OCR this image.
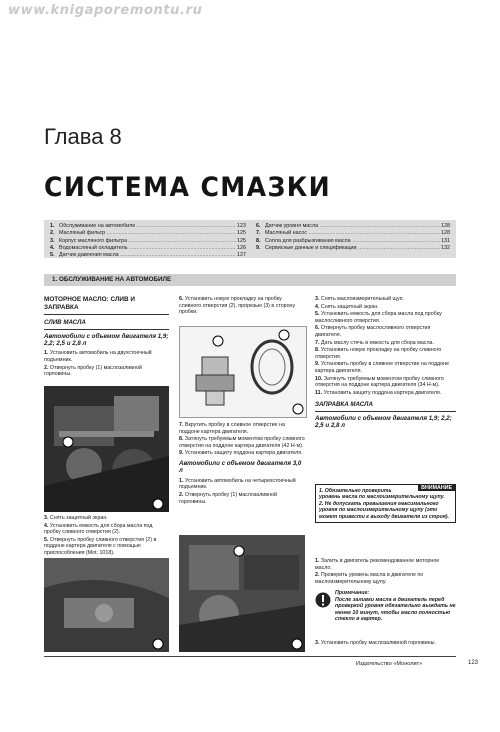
www.knigaporemontu.ru
Глава 8
СИСТЕМА СМАЗКИ
1. Обслуживание на автомобиле .....	123
2. Масляный фильтр .....	125
3. Корпус масляного фильтра .....	125
4. Водомасляный охладитель .....	126
5. Датчик давления масла .....	127
6. Датчик уровня масла .....	128
7. Масляный насос .....	128
8. Сопла для разбрызгивания масла .....	131
9. Сервисные данные и спецификации .....	132
1. ОБСЛУЖИВАНИЕ НА АВТОМОБИЛЕ
МОТОРНОЕ МАСЛО: СЛИВ И ЗАПРАВКА
СЛИВ МАСЛА
Автомобили с объемом двигателя 1,9; 2,2; 2,5 и 2,8 л

1. Установить автомобиль на двухстоечный подъемник.

2. Отвернуть пробку (1) маслозаливной горловины.

3. Снять защитный экран.

4. Установить емкость для сбора масла под пробку сливного отверстия (2).

5. Отвернуть пробку сливного отверстия (2) в поддоне картера двигателя с помощью приспособления (Mot. 1018).

6. Установить новую прокладку на пробку сливного отверстия (2), прорезью (3) в сторону пробки.

7. Вкрутить пробку в сливное отверстие на поддоне картера двигателя.

8. Затянуть требуемым моментом пробку сливного отверстия на поддоне картера двигателя (42 Н·м).

9. Установить защиту поддона картера двигателя.

Автомобили с объемом двигателя 3,0 л

1. Установить автомобиль на четырехстоечный подъемник.

2. Отвернуть пробку (1) маслозаливной горловины.

3. Снять маслоизмерительный щуп.

4. Снять защитный экран.

5. Установить емкость для сбора масла под пробку маслосливного отверстия.

6. Отвернуть пробку маслосливного отверстия двигателя.

7. Дать маслу стечь в емкость для сбора масла.

8. Установить новую прокладку на пробку сливного отверстия.

9. Установить пробку в сливное отверстие на поддоне картера двигателя.

10. Затянуть требуемым моментом пробку сливного отверстия на поддоне картера двигателя (34 Н·м).

11. Установить защиту поддона картера двигателя.

ЗАПРАВКА МАСЛА
Автомобили с объемом двигателя 1,9; 2,2; 2,5 и 2,8 л
ВНИМАНИЕ
1. Обязательно проверить уровень масла по маслоизмерительному щупу.
2. Не допускать превышения максимального уровня по маслоизмерительному щупу (это может привести к выходу двигателя из строя).

1. Залить в двигатель рекомендованное моторное масло.

2. Проверить уровень масла в двигателе по маслоизмерительному щупу.

Примечание:
После заливки масла в двигатель перед проверкой уровня обязательно выждать не менее 10 минут, чтобы масло полностью стекло в картер.

3. Установить пробку маслозаливной горловины.

Издательство «Монолит»	123
